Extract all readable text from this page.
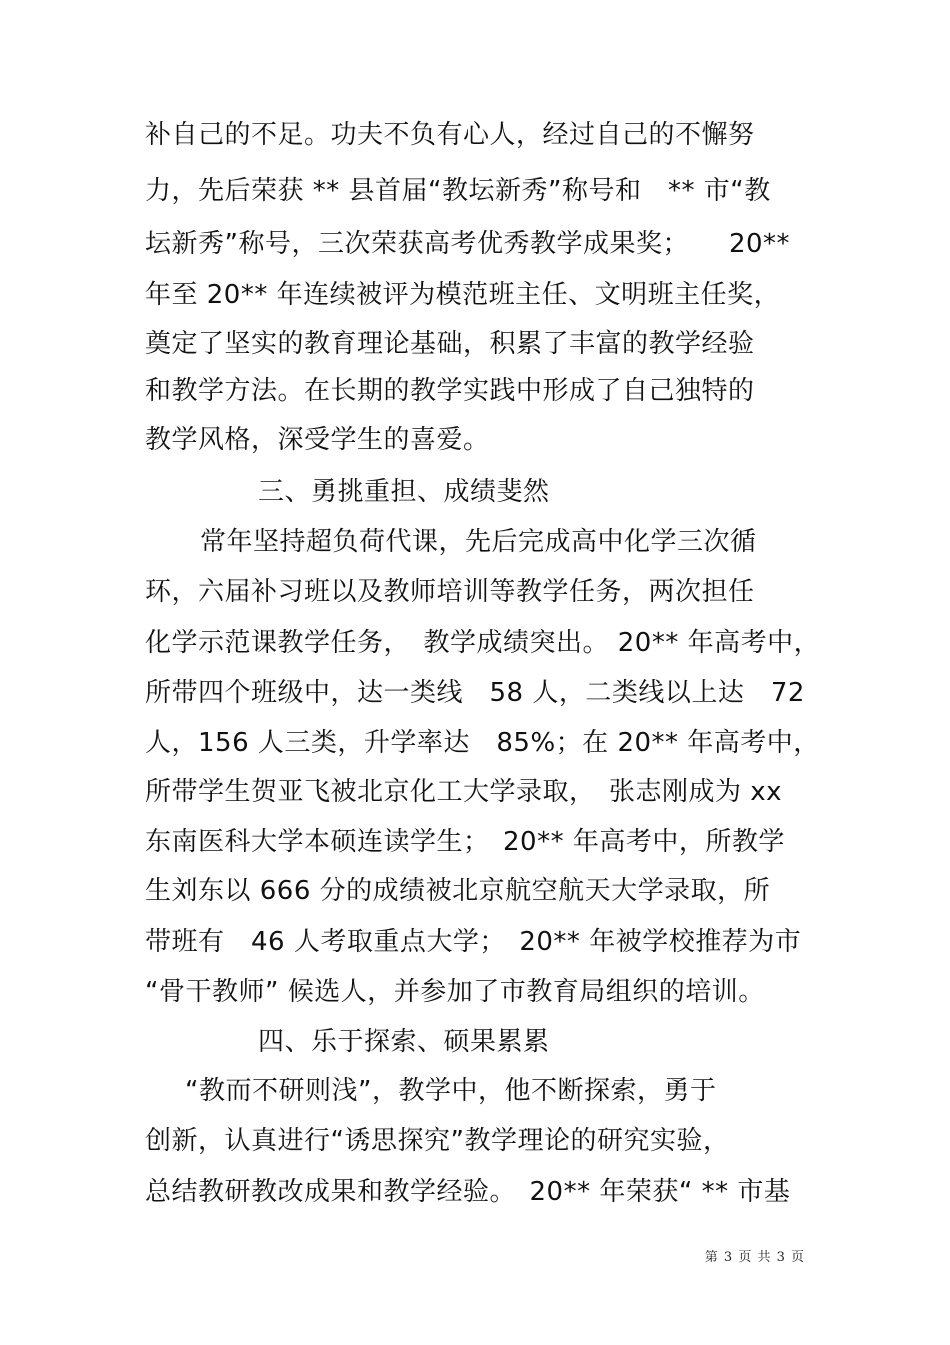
补自己的不足。功夫不负有心人，经过自己的不懈努
力，先后荣获 ** 县首届“教坛新秀”称号和　** 市“教
坛新秀”称号，三次荣获高考优秀教学成果奖；　　20**
年至 20** 年连续被评为模范班主任、文明班主任奖，
奠定了坚实的教育理论基础，积累了丰富的教学经验
和教学方法。在长期的教学实践中形成了自己独特的
教学风格，深受学生的喜爱。
三、勇挑重担、成绩斐然
常年坚持超负荷代课，先后完成高中化学三次循
环，六届补习班以及教师培训等教学任务，两次担任
化学示范课教学任务，　教学成绩突出。 20** 年高考中，
所带四个班级中，达一类线　58 人，二类线以上达　72
人，156 人三类，升学率达　85%；在 20** 年高考中，
所带学生贺亚飞被北京化工大学录取，　张志刚成为 xx
东南医科大学本硕连读学生；　20** 年高考中，所教学
生刘东以 666 分的成绩被北京航空航天大学录取，所
带班有　46 人考取重点大学；　20** 年被学校推荐为市
“骨干教师” 候选人，并参加了市教育局组织的培训。
四、乐于探索、硕果累累
“教而不研则浅”，教学中，他不断探索，勇于
创新，认真进行“诱思探究”教学理论的研究实验，
总结教研教改成果和教学经验。　20** 年荣获“ ** 市基
第 3 页 共 3 页
